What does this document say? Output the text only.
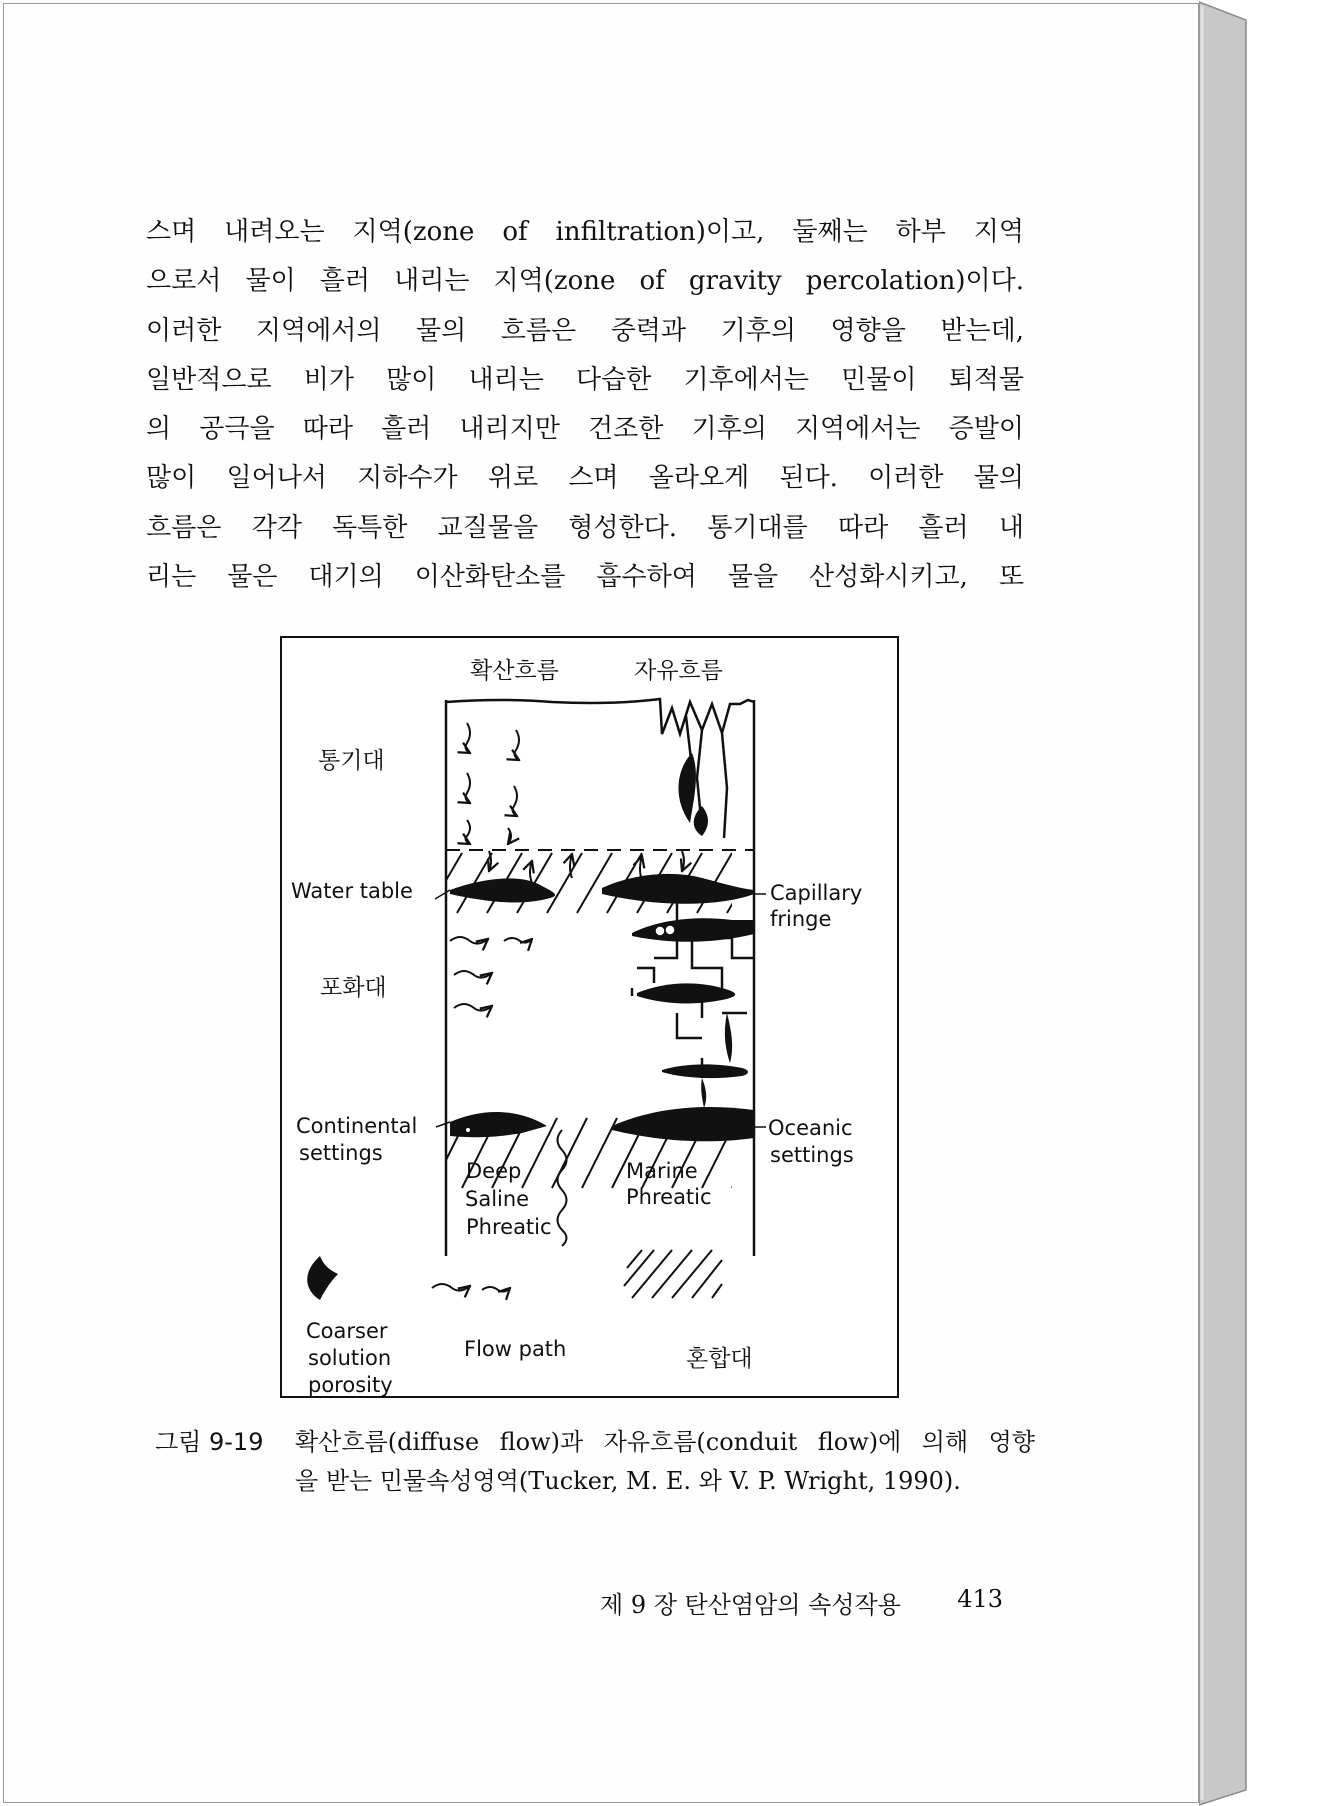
스며 내려오는 지역(zone of infiltration)이고, 둘째는 하부 지역
으로서 물이 흘러 내리는 지역(zone of gravity percolation)이다.
이러한 지역에서의 물의 흐름은 중력과 기후의 영향을 받는데,
일반적으로 비가 많이 내리는 다습한 기후에서는 민물이 퇴적물
의 공극을 따라 흘러 내리지만 건조한 기후의 지역에서는 증발이
많이 일어나서 지하수가 위로 스며 올라오게 된다. 이러한 물의
흐름은 각각 독특한 교질물을 형성한다. 통기대를 따라 흘러 내
리는 물은 대기의 이산화탄소를 흡수하여 물을 산성화시키고, 또
확산흐름	자유흐름
통기대
포화대
Water table	Capillary
fringe
Continental
settings
Oceanic
settings
Deep
Saline
Phreatic
Marine
Phreatic
Coarser
solution
porosity
Flow path	혼합대
그림 9-19 확산흐름(diffuse flow)과 자유흐름(conduit flow)에 의해 영향
을 받는 민물속성영역(Tucker, M. E. 와 V. P. Wright, 1990).
제 9 장 탄산염암의 속성작용 413
